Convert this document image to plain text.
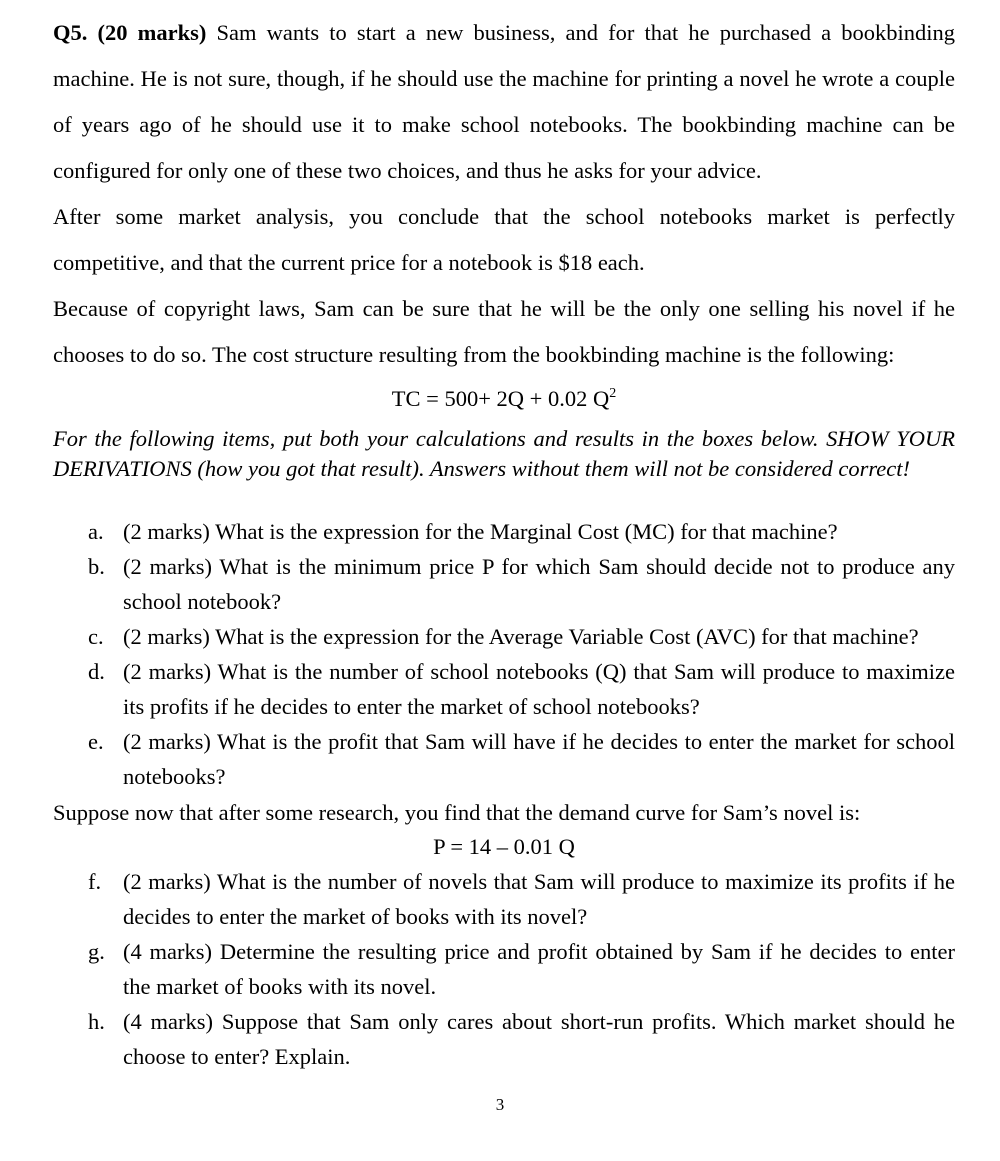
Q5. (20 marks) Sam wants to start a new business, and for that he purchased a bookbinding machine. He is not sure, though, if he should use the machine for printing a novel he wrote a couple of years ago of he should use it to make school notebooks. The bookbinding machine can be configured for only one of these two choices, and thus he asks for your advice.

After some market analysis, you conclude that the school notebooks market is perfectly competitive, and that the current price for a notebook is $18 each.

Because of copyright laws, Sam can be sure that he will be the only one selling his novel if he chooses to do so. The cost structure resulting from the bookbinding machine is the following:

TC = 500+ 2Q + 0.02 $Q^2$

For the following items, put both your calculations and results in the boxes below. SHOW YOUR DERIVATIONS (how you got that result). Answers without them will not be considered correct!

a. (2 marks) What is the expression for the Marginal Cost (MC) for that machine?
b. (2 marks) What is the minimum price P for which Sam should decide not to produce any school notebook?
c. (2 marks) What is the expression for the Average Variable Cost (AVC) for that machine?
d. (2 marks) What is the number of school notebooks (Q) that Sam will produce to maximize its profits if he decides to enter the market of school notebooks?
e. (2 marks) What is the profit that Sam will have if he decides to enter the market for school notebooks?

Suppose now that after some research, you find that the demand curve for Sam’s novel is:

P = 14 – 0.01 Q

f. (2 marks) What is the number of novels that Sam will produce to maximize its profits if he decides to enter the market of books with its novel?
g. (4 marks) Determine the resulting price and profit obtained by Sam if he decides to enter the market of books with its novel.
h. (4 marks) Suppose that Sam only cares about short-run profits. Which market should he choose to enter? Explain.
3
